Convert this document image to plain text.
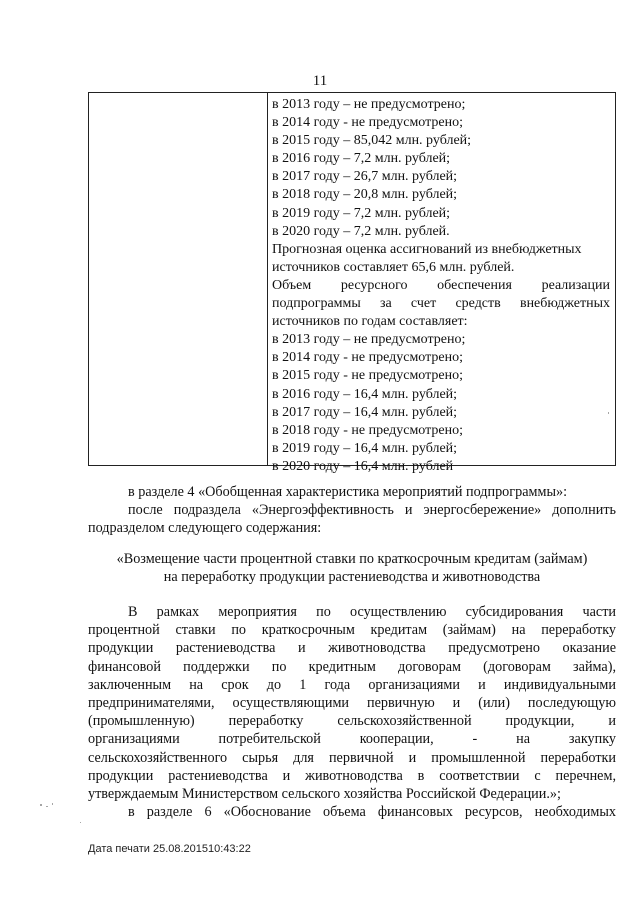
11
в 2013 году – не предусмотрено;
в 2014 году - не предусмотрено;
в 2015 году – 85,042 млн. рублей;
в 2016 году – 7,2 млн. рублей;
в 2017 году – 26,7 млн. рублей;
в 2018 году – 20,8 млн. рублей;
в 2019 году – 7,2 млн. рублей;
в 2020 году – 7,2 млн. рублей.
Прогнозная оценка ассигнований из внебюджетных
источников составляет 65,6 млн. рублей.
Объем ресурсного обеспечения реализации
подпрограммы за счет средств внебюджетных
источников по годам составляет:
в 2013 году – не предусмотрено;
в 2014 году - не предусмотрено;
в 2015 году - не предусмотрено;
в 2016 году – 16,4 млн. рублей;
в 2017 году – 16,4 млн. рублей;
в 2018 году - не предусмотрено;
в 2019 году – 16,4 млн. рублей;
в 2020 году – 16,4 млн. рублей
в разделе 4 «Обобщенная характеристика мероприятий подпрограммы»:
после подраздела «Энергоэффективность и энергосбережение» дополнить
подразделом следующего содержания:
«Возмещение части процентной ставки по краткосрочным кредитам (займам)
на переработку продукции растениеводства и животноводства
В рамках мероприятия по осуществлению субсидирования части
процентной ставки по краткосрочным кредитам (займам) на переработку
продукции растениеводства и животноводства предусмотрено оказание
финансовой поддержки по кредитным договорам (договорам займа),
заключенным на срок до 1 года организациями и индивидуальными
предпринимателями, осуществляющими первичную и (или) последующую
(промышленную) переработку сельскохозяйственной продукции, и
организациями потребительской кооперации, - на закупку
сельскохозяйственного сырья для первичной и промышленной переработки
продукции растениеводства и животноводства в соответствии с перечнем,
утверждаемым Министерством сельского хозяйства Российской Федерации.»;
в разделе 6 «Обоснование объема финансовых ресурсов, необходимых
Дата печати 25.08.201510:43:22
